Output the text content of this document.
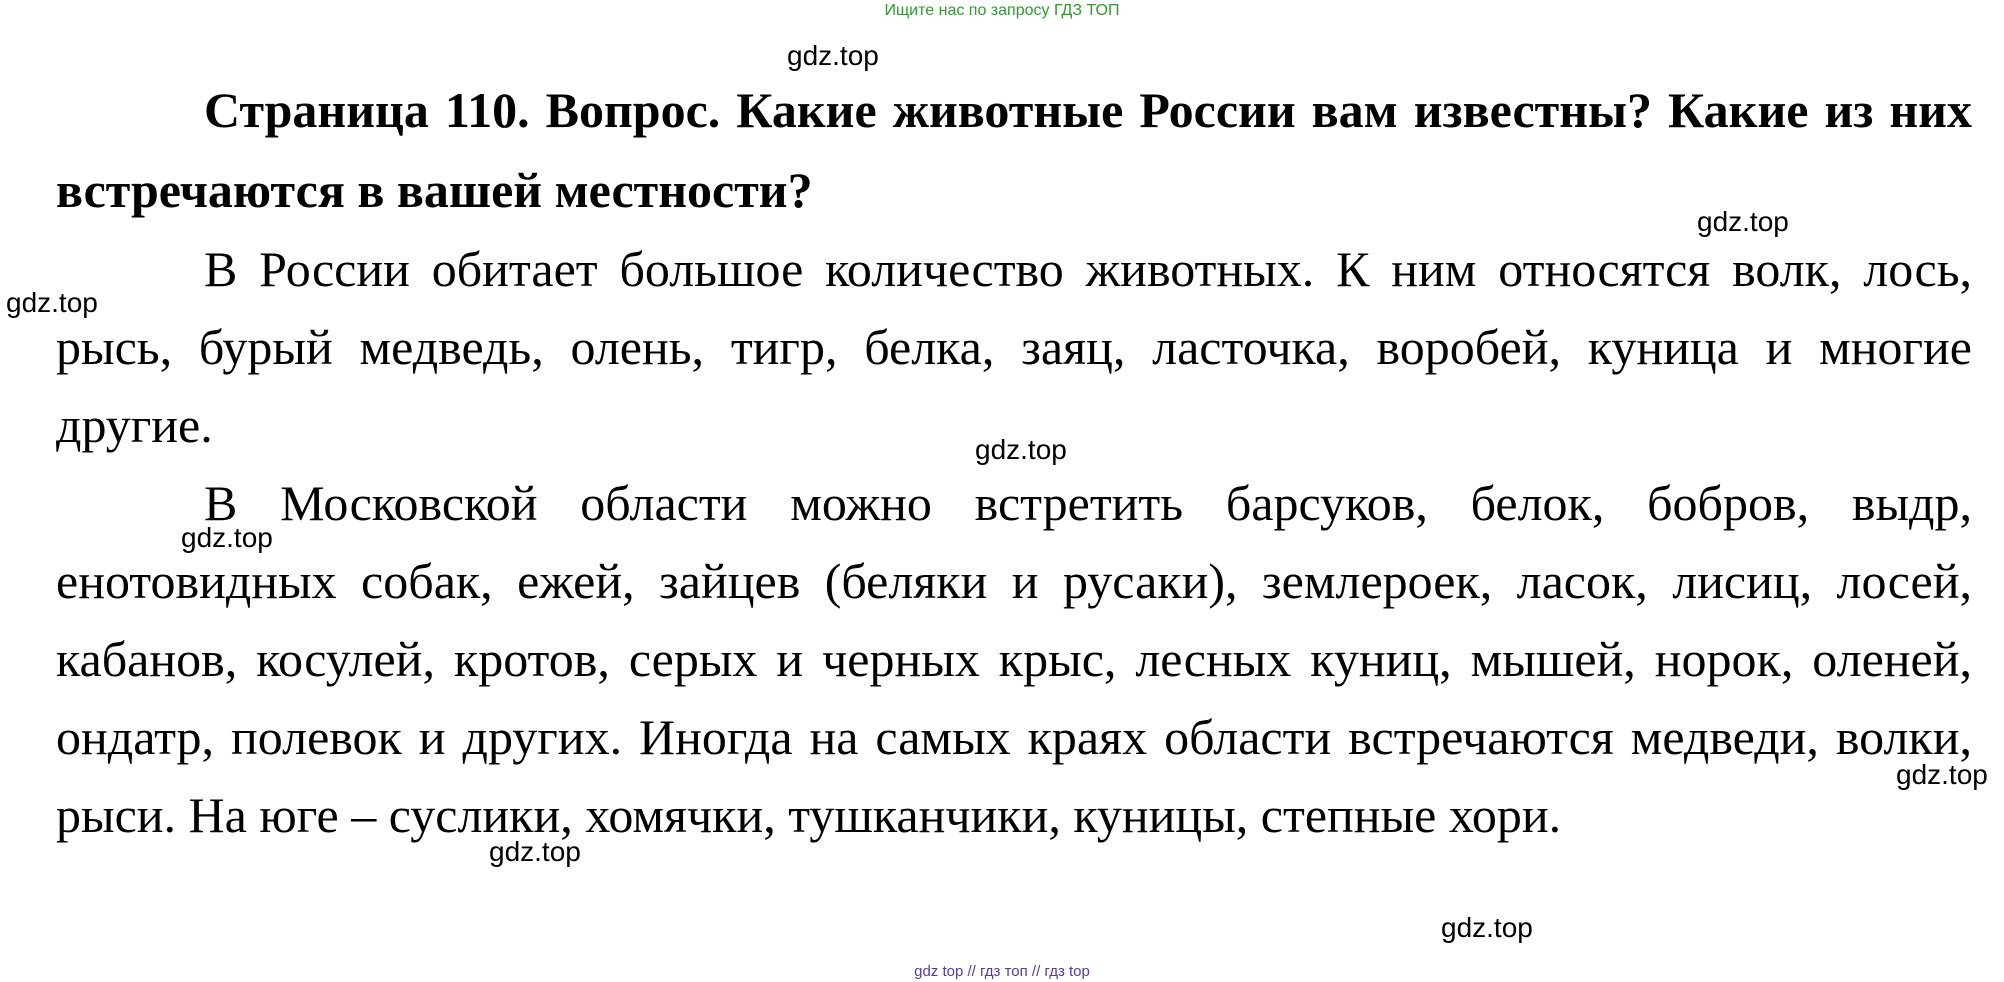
Ищите нас по запросу ГДЗ ТОП

Страница 110. Вопрос. Какие животные России вам известны? Какие из них встречаются в вашей местности?

В России обитает большое количество животных. К ним относятся волк, лось, рысь, бурый медведь, олень, тигр, белка, заяц, ласточка, воробей, куница и многие другие.

В Московской области можно встретить барсуков, белок, бобров, выдр, енотовидных собак, ежей, зайцев (беляки и русаки), землероек, ласок, лисиц, лосей, кабанов, косулей, кротов, серых и черных крыс, лесных куниц, мышей, норок, оленей, ондатр, полевок и других. Иногда на самых краях области встречаются медведи, волки, рыси. На юге – суслики, хомячки, тушканчики, куницы, степные хори.

gdz.top
gdz.top
gdz.top
gdz.top
gdz.top
gdz.top
gdz.top
gdz.top
gdz top // гдз топ // гдз top
